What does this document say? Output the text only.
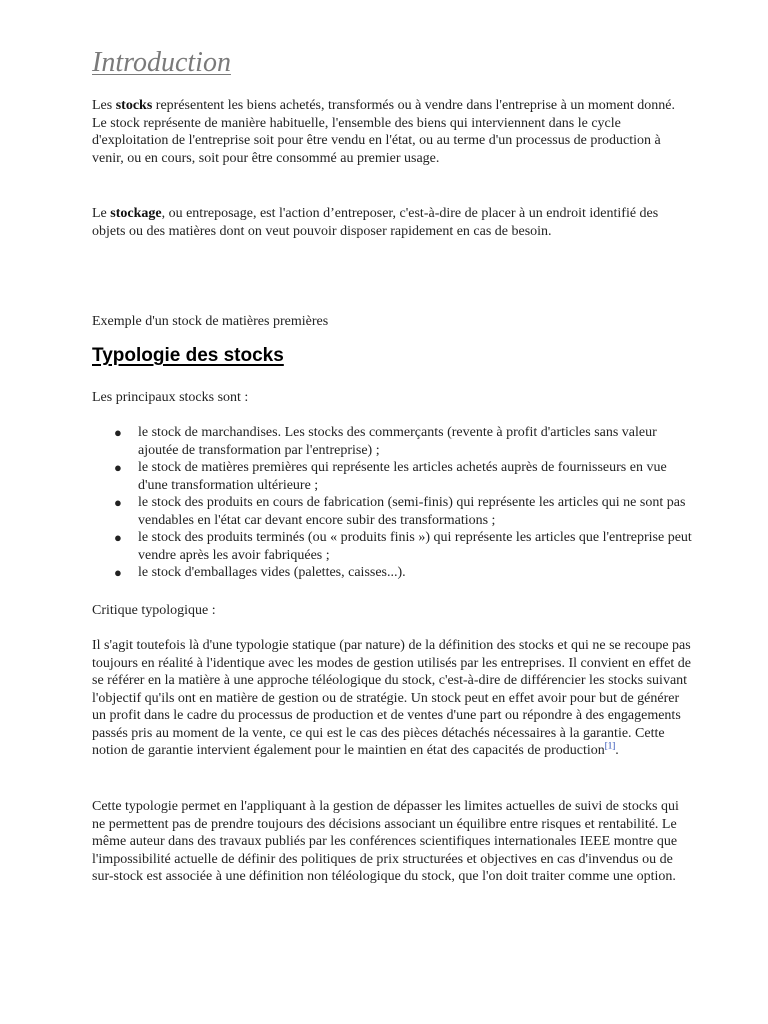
Introduction

Les stocks représentent les biens achetés, transformés ou à vendre dans l'entreprise à un moment donné.
Le stock représente de manière habituelle, l'ensemble des biens qui interviennent dans le cycle d'exploitation de l'entreprise soit pour être vendu en l'état, ou au terme d'un processus de production à venir, ou en cours, soit pour être consommé au premier usage.

Le stockage, ou entreposage, est l'action d’entreposer, c'est-à-dire de placer à un endroit identifié des objets ou des matières dont on veut pouvoir disposer rapidement en cas de besoin.

Exemple d'un stock de matières premières

Typologie des stocks

Les principaux stocks sont :

● le stock de marchandises. Les stocks des commerçants (revente à profit d'articles sans valeur ajoutée de transformation par l'entreprise) ;
● le stock de matières premières qui représente les articles achetés auprès de fournisseurs en vue d'une transformation ultérieure ;
● le stock des produits en cours de fabrication (semi-finis) qui représente les articles qui ne sont pas vendables en l'état car devant encore subir des transformations ;
● le stock des produits terminés (ou « produits finis ») qui représente les articles que l'entreprise peut vendre après les avoir fabriquées ;
● le stock d'emballages vides (palettes, caisses...).

Critique typologique :

Il s'agit toutefois là d'une typologie statique (par nature) de la définition des stocks et qui ne se recoupe pas toujours en réalité à l'identique avec les modes de gestion utilisés par les entreprises. Il convient en effet de se référer en la matière à une approche téléologique du stock, c'est-à-dire de différencier les stocks suivant l'objectif qu'ils ont en matière de gestion ou de stratégie. Un stock peut en effet avoir pour but de générer un profit dans le cadre du processus de production et de ventes d'une part ou répondre à des engagements passés pris au moment de la vente, ce qui est le cas des pièces détachés nécessaires à la garantie. Cette notion de garantie intervient également pour le maintien en état des capacités de production[1].

Cette typologie permet en l'appliquant à la gestion de dépasser les limites actuelles de suivi de stocks qui ne permettent pas de prendre toujours des décisions associant un équilibre entre risques et rentabilité. Le même auteur dans des travaux publiés par les conférences scientifiques internationales IEEE montre que l'impossibilité actuelle de définir des politiques de prix structurées et objectives en cas d'invendus ou de sur-stock est associée à une définition non téléologique du stock, que l'on doit traiter comme une option.
